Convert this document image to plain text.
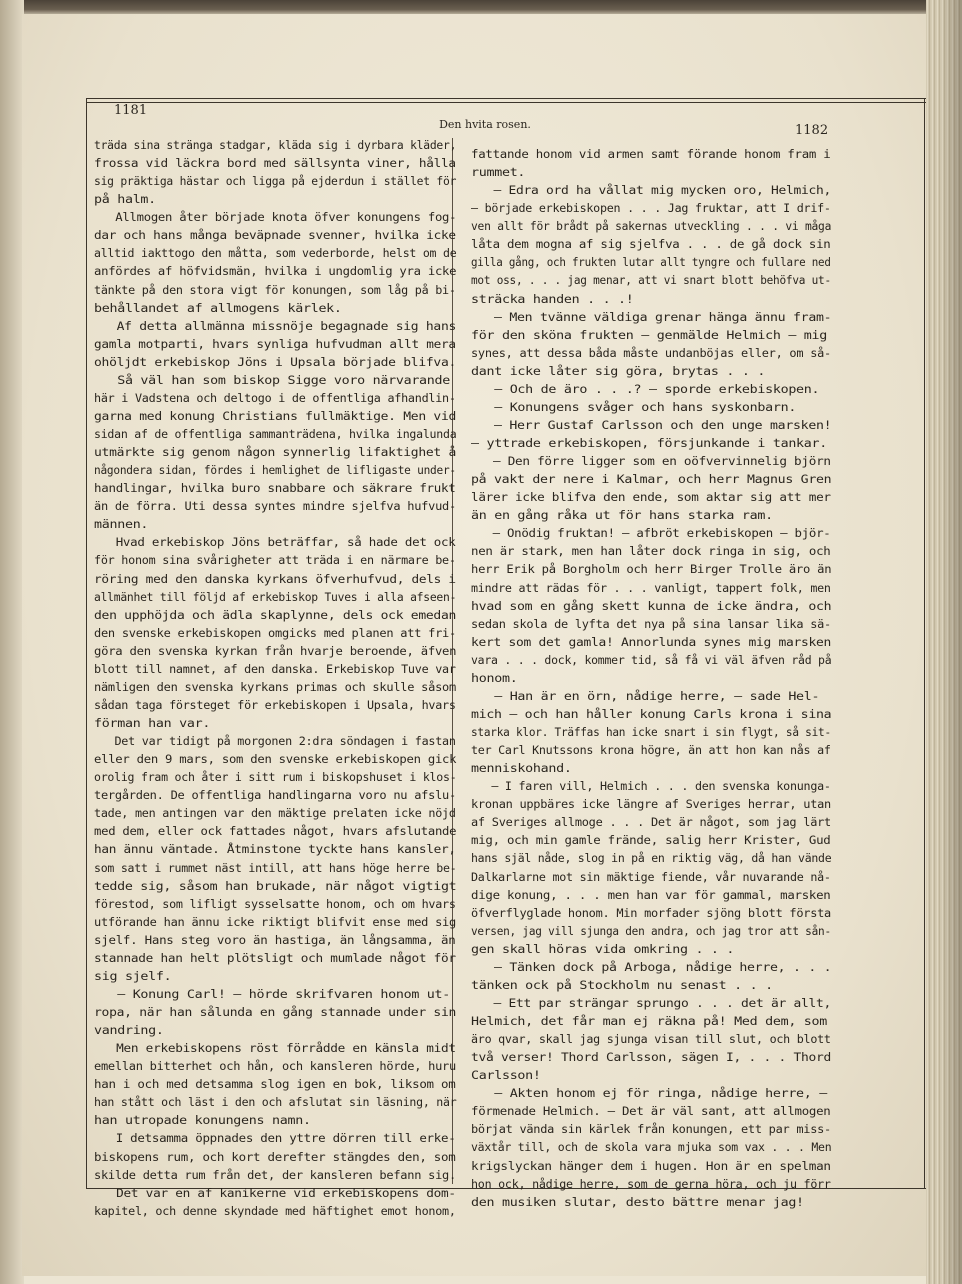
1181
Den hvita rosen.	1182
träda sina stränga stadgar, kläda sig i dyrbara kläder,
frossa vid läckra bord med sällsynta viner, hålla
sig präktiga hästar och ligga på ejderdun i stället för
på halm.
Allmogen åter började knota öfver konungens fog-
dar och hans många beväpnade svenner, hvilka icke
alltid iakttogo den måtta, som vederborde, helst om de
anfördes af höfvidsmän, hvilka i ungdomlig yra icke
tänkte på den stora vigt för konungen, som låg på bi-
behållandet af allmogens kärlek.
Af detta allmänna missnöje begagnade sig hans
gamla motparti, hvars synliga hufvudman allt mera
ohöljdt erkebiskop Jöns i Upsala började blifva.
Så väl han som biskop Sigge voro närvarande
här i Vadstena och deltogo i de offentliga afhandlin-
garna med konung Christians fullmäktige. Men vid
sidan af de offentliga sammanträdena, hvilka ingalunda
utmärkte sig genom någon synnerlig lifaktighet å
någondera sidan, fördes i hemlighet de lifligaste under-
handlingar, hvilka buro snabbare och säkrare frukt
än de förra. Uti dessa syntes mindre sjelfva hufvud-
männen.
Hvad erkebiskop Jöns beträffar, så hade det ock
för honom sina svårigheter att träda i en närmare be-
röring med den danska kyrkans öfverhufvud, dels i
allmänhet till följd af erkebiskop Tuves i alla afseen-
den upphöjda och ädla skaplynne, dels ock emedan
den svenske erkebiskopen omgicks med planen att fri-
göra den svenska kyrkan från hvarje beroende, äfven
blott till namnet, af den danska. Erkebiskop Tuve var
nämligen den svenska kyrkans primas och skulle såsom
sådan taga försteget för erkebiskopen i Upsala, hvars
förman han var.
Det var tidigt på morgonen 2:dra söndagen i fastan
eller den 9 mars, som den svenske erkebiskopen gick
orolig fram och åter i sitt rum i biskopshuset i klos-
tergården. De offentliga handlingarna voro nu afslu-
tade, men antingen var den mäktige prelaten icke nöjd
med dem, eller ock fattades något, hvars afslutande
han ännu väntade. Åtminstone tyckte hans kansler,
som satt i rummet näst intill, att hans höge herre be-
tedde sig, såsom han brukade, när något vigtigt
förestod, som lifligt sysselsatte honom, och om hvars
utförande han ännu icke riktigt blifvit ense med sig
sjelf. Hans steg voro än hastiga, än långsamma, än
stannade han helt plötsligt och mumlade något för
sig sjelf.
— Konung Carl! — hörde skrifvaren honom ut-
ropa, när han sålunda en gång stannade under sin
vandring.
Men erkebiskopens röst förrådde en känsla midt
emellan bitterhet och hån, och kansleren hörde, huru
han i och med detsamma slog igen en bok, liksom om
han stått och läst i den och afslutat sin läsning, när
han utropade konungens namn.
I detsamma öppnades den yttre dörren till erke-
biskopens rum, och kort derefter stängdes den, som
skilde detta rum från det, der kansleren befann sig.
Det var en af kanikerne vid erkebiskopens dom-
kapitel, och denne skyndade med häftighet emot honom,
fattande honom vid armen samt förande honom fram i
rummet.
— Edra ord ha vållat mig mycken oro, Helmich,
— började erkebiskopen . . . Jag fruktar, att I drif-
ven allt för brådt på sakernas utveckling . . . vi måga
låta dem mogna af sig sjelfva . . . de gå dock sin
gilla gång, och frukten lutar allt tyngre och fullare ned
mot oss, . . . jag menar, att vi snart blott behöfva ut-
sträcka handen . . .!
— Men tvänne väldiga grenar hänga ännu fram-
för den sköna frukten — genmälde Helmich — mig
synes, att dessa båda måste undanböjas eller, om så-
dant icke låter sig göra, brytas . . .
— Och de äro . . .? — sporde erkebiskopen.
— Konungens svåger och hans syskonbarn.
— Herr Gustaf Carlsson och den unge marsken!
— yttrade erkebiskopen, försjunkande i tankar.
— Den förre ligger som en oöfvervinnelig björn
på vakt der nere i Kalmar, och herr Magnus Gren
lärer icke blifva den ende, som aktar sig att mer
än en gång råka ut för hans starka ram.
— Onödig fruktan! — afbröt erkebiskopen — björ-
nen är stark, men han låter dock ringa in sig, och
herr Erik på Borgholm och herr Birger Trolle äro än
mindre att rädas för . . . vanligt, tappert folk, men
hvad som en gång skett kunna de icke ändra, och
sedan skola de lyfta det nya på sina lansar lika sä-
kert som det gamla! Annorlunda synes mig marsken
vara . . . dock, kommer tid, så få vi väl äfven råd på
honom.
— Han är en örn, nådige herre, — sade Hel-
mich — och han håller konung Carls krona i sina
starka klor. Träffas han icke snart i sin flygt, så sit-
ter Carl Knutssons krona högre, än att hon kan nås af
menniskohand.
— I faren vill, Helmich . . . den svenska konunga-
kronan uppbäres icke längre af Sveriges herrar, utan
af Sveriges allmoge . . . Det är något, som jag lärt
mig, och min gamle frände, salig herr Krister, Gud
hans själ nåde, slog in på en riktig väg, då han vände
Dalkarlarne mot sin mäktige fiende, vår nuvarande nå-
dige konung, . . . men han var för gammal, marsken
öfverflyglade honom. Min morfader sjöng blott första
versen, jag vill sjunga den andra, och jag tror att sån-
gen skall höras vida omkring . . .
— Tänken dock på Arboga, nådige herre, . . .
tänken ock på Stockholm nu senast . . .
— Ett par strängar sprungo . . . det är allt,
Helmich, det får man ej räkna på! Med dem, som
äro qvar, skall jag sjunga visan till slut, och blott
två verser! Thord Carlsson, sägen I, . . . Thord
Carlsson!
— Akten honom ej för ringa, nådige herre, —
förmenade Helmich. — Det är väl sant, att allmogen
börjat vända sin kärlek från konungen, ett par miss-
växtår till, och de skola vara mjuka som vax . . . Men
krigslyckan hänger dem i hugen. Hon är en spelman
hon ock, nådige herre, som de gerna höra, och ju förr
den musiken slutar, desto bättre menar jag!
